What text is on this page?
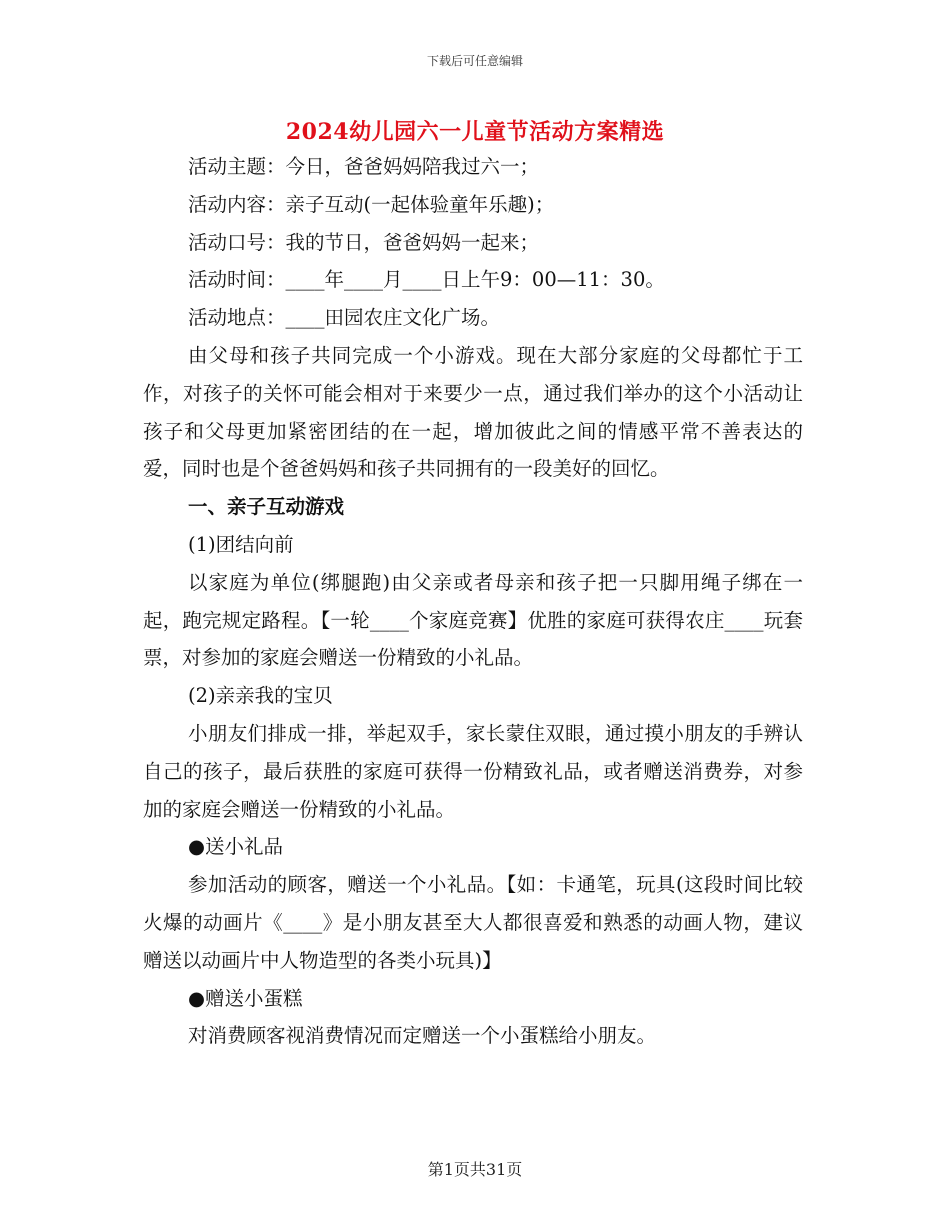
下载后可任意编辑
2024幼儿园六一儿童节活动方案精选
活动主题：今日，爸爸妈妈陪我过六一；
活动内容：亲子互动(一起体验童年乐趣)；
活动口号：我的节日，爸爸妈妈一起来；
活动时间：____年____月____日上午9：00—11：30。
活动地点：____田园农庄文化广场。
由父母和孩子共同完成一个小游戏。现在大部分家庭的父母都忙于工作，对孩子的关怀可能会相对于来要少一点，通过我们举办的这个小活动让孩子和父母更加紧密团结的在一起，增加彼此之间的情感平常不善表达的爱，同时也是个爸爸妈妈和孩子共同拥有的一段美好的回忆。
一、亲子互动游戏
(1)团结向前
以家庭为单位(绑腿跑)由父亲或者母亲和孩子把一只脚用绳子绑在一起，跑完规定路程。【一轮____个家庭竞赛】优胜的家庭可获得农庄____玩套票，对参加的家庭会赠送一份精致的小礼品。
(2)亲亲我的宝贝
小朋友们排成一排，举起双手，家长蒙住双眼，通过摸小朋友的手辨认自己的孩子，最后获胜的家庭可获得一份精致礼品，或者赠送消费券，对参加的家庭会赠送一份精致的小礼品。
●送小礼品
参加活动的顾客，赠送一个小礼品。【如：卡通笔，玩具(这段时间比较火爆的动画片《____》是小朋友甚至大人都很喜爱和熟悉的动画人物，建议赠送以动画片中人物造型的各类小玩具)】
●赠送小蛋糕
对消费顾客视消费情况而定赠送一个小蛋糕给小朋友。
第1页共31页
